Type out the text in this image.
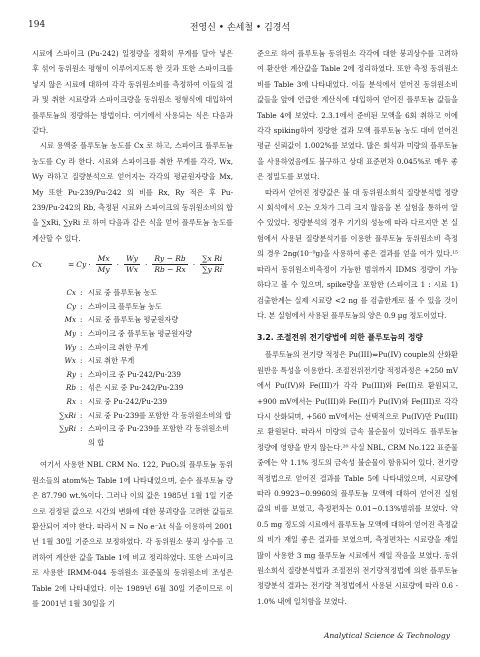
194	전영신 • 손세철 • 김경석

시료에 스파이크 (Pu-242) 일정량을 정확히 무게를 달아 넣은 후 섞어 동위원소 평형이 이루어지도록 한 것과 또한 스파이크를 넣지 않은 시료에 대하여 각각 동위원소비를 측정하여 이들의 결과 및 취한 시료량과 스파이크량을 동위원소 평형식에 대입하여 플루토늄의 정량하는 방법이다. 여기에서 사용되는 식은 다음과 같다.

시료 용액중 플루토늄 농도를 Cx 로 하고, 스파이크 플루토늄 농도를 Cy 라 한다. 시료와 스파이크를 취한 무게를 각각, Wx, Wy 라하고 질량분석으로 얻어지는 각각의 평균원자량을 Mx, My 또한 Pu-239/Pu-242 의 비를 Rx, Ry 적은 후 Pu-239/Pu-242의 Rb, 측정된 시료와 스파이크의 동위원소비의 합을 ∑xRi, ∑yRi 로 하여 다음과 같은 식을 얻어 플루토늄 농도를 계산할 수 있다.

Cx	= $Cy \cdot \frac{Mx}{My} \cdot \frac{Wy}{Wx} \cdot \frac{Ry - Rb}{Rb - Rx} \cdot \frac{\text{∑x Ri}}{\text{∑y Ri}}$
Cx : 시료 중 플루토늄 농도
Cy : 스파이크 플루토늄 농도
Mx : 시료 중 플루토늄 평균원자량
My : 스파이크 중 플루토늄 평균원자량
Wy : 스파이크 취한 무게
Wx : 시료 취한 무게
Ry : 스파이크 중 Pu-242/Pu-239
Rb : 섞은 시료 중 Pu-242/Pu-239
Rx : 시료 중 Pu-242/Pu-239
∑xRi : 시료 중 Pu-239를 포함한 각 동위원소비의 합
∑yRi : 스파이크 중 Pu-239를 포함한 각 동위원소비의 합

여기서 사용한 NBL CRM No. 122, PuO₂의 플루토늄 동위원소들의 atom%는 Table 1에 나타내었으며, 순수 플루토늄 량은 87.790 wt.%이다. 그러나 이의 값은 1985년 1월 1일 기준으로 검정된 값으로 시간의 변화에 대한 붕괴량을 고려한 값들로 환산되어 져야 한다. 따라서 N = No e⁻λt 식을 이용하여 2001년 1월 30일 기준으로 보정하였다. 각 동위원소 붕괴 상수를 고려하여 계산한 값을 Table 1에 비교 정리하였다. 또한 스파이크로 사용한 IRMM-044 동위원소 표준물의 동위원소비 조성은 Table 2에 나타내었다. 이는 1989년 6월 30일 기준이므로 이를 2001년 1월 30일을 기

준으로 하여 플루토늄 동위원소 각각에 대한 붕괴상수를 고려하여 환산한 계산값을 Table 2에 정리하였다. 또한 측정 동위원소비를 Table 3에 나타내었다. 이들 분석에서 얻어진 동위원소비 값들을 앞에 언급한 계산식에 대입하여 얻어진 플루토늄 값들을 Table 4에 보였다. 2.3.1에서 준비된 모액을 6회 취하고 이에 각각 spiking하여 정량한 결과 모액 플루토늄 농도 대비 얻어진 평균 신뢰값이 1.002%를 보였다. 많은 회석과 미량의 플루토늄을 사용하였음에도 불구하고 상대 표준편차 0.045%로 매우 좋은 정밀도를 보였다.

따라서 얻어진 정량값은 불 대 동위원소희석 질량분석법 정량시 회석에서 오는 오차가 그리 크지 않음을 본 실험을 통하여 알 수 있었다. 정량분석의 경우 기기의 성능에 따라 다르지만 본 실험에서 사용된 질량분석기를 이용한 플루토늄 동위원소비 측정의 경우 2ng(10⁻⁹g)을 사용하여 좋은 결과를 얻을 여가 있다.¹⁵ 따라서 동위원소비측정이 가능한 범위까지 IDMS 정량이 가능하다고 볼 수 있으며, spike량을 포함한 (스파이크 1 : 시료 1) 검출한계는 실제 시료량 <2 ng 를 검출한계로 볼 수 있을 것이다. 본 실험에서 사용된 플루토늄의 양은 0.9 µg 정도이었다.

3.2. 조절전위 전기량법에 의한 플루토늄의 정량

플루토늄의 전기량 적정은 Pu(III)⇔Pu(IV) couple의 산화환원반응 특성을 이용한다. 조절전위전기량 적정과정은 +250 mV에서 Pu(IV)와 Fe(III)가 각각 Pu(III)와 Fe(II)로 환원되고, +900 mV에서는 Pu(III)와 Fe(II)가 Pu(IV)와 Fe(III)로 각각 다시 산화되며, +560 mV에서는 선택적으로 Pu(IV)만 Pu(III)로 환원된다. 따라서 미량의 금속 불순물이 있더라도 플루토늄 정량에 영향을 받지 않는다.²⁰ 사실 NBL, CRM No.122 표준물 중에는 약 1.1% 정도의 금속성 불순물이 함유되어 있다. 전기량 적정법으로 얻어진 결과를 Table 5에 나타내었으며, 시료량에 따라 0.9923~0.9960의 플루토늄 모액에 대하여 얻어진 실험값의 비를 보였고, 측정편차는 0.01~0.13%범위를 보였다. 약 0.5 mg 정도의 시료에서 플루토늄 모액에 대하여 얻어진 측정값의 비가 재일 좋은 결과를 보였으며, 측정편차는 시료량을 재일 많이 사용한 3 mg 플루토늄 시료에서 재일 작음을 보였다. 동위원소희석 질량분석법과 조절전위 전기량적정법에 의한 플루토늄 정량분석 결과는 전기량 적정법에서 사용된 시료량에 따라 0.6 - 1.0% 내에 일치함을 보였다.

Analytical Science & Technology
